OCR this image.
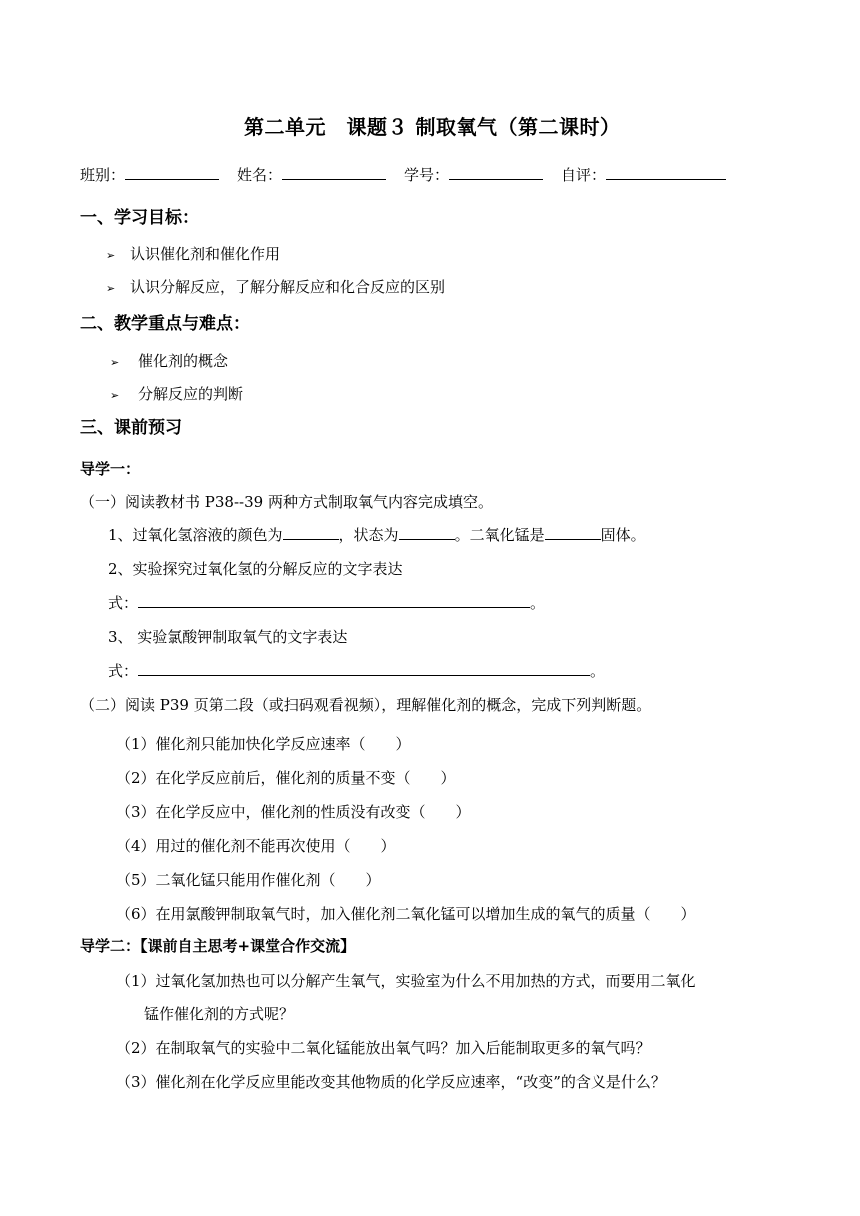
第二单元　课题３ 制取氧气（第二课时）
班别：	姓名：	学号：	自评：
一、学习目标：
➢ 认识催化剂和催化作用
➢ 认识分解反应，了解分解反应和化合反应的区别
二、教学重点与难点：
➢ 催化剂的概念
➢ 分解反应的判断
三、课前预习
导学一：
（一）阅读教材书 P38--39 两种方式制取氧气内容完成填空。
1、过氧化氢溶液的颜色为	，状态为	。二氧化锰是	固体。
2、实验探究过氧化氢的分解反应的文字表达
式：	。
3、 实验氯酸钾制取氧气的文字表达
式：	。
（二）阅读 P39 页第二段（或扫码观看视频），理解催化剂的概念，完成下列判断题。
（1）催化剂只能加快化学反应速率（　　）
（2）在化学反应前后，催化剂的质量不变（　　）
（3）在化学反应中，催化剂的性质没有改变（　　）
（4）用过的催化剂不能再次使用（　　）
（5）二氧化锰只能用作催化剂（　　）
（6）在用氯酸钾制取氧气时，加入催化剂二氧化锰可以增加生成的氧气的质量（　　）
导学二：【课前自主思考+课堂合作交流】
（1）过氧化氢加热也可以分解产生氧气，实验室为什么不用加热的方式，而要用二氧化
锰作催化剂的方式呢？
（2）在制取氧气的实验中二氧化锰能放出氧气吗？加入后能制取更多的氧气吗？
（3）催化剂在化学反应里能改变其他物质的化学反应速率，“改变”的含义是什么？
